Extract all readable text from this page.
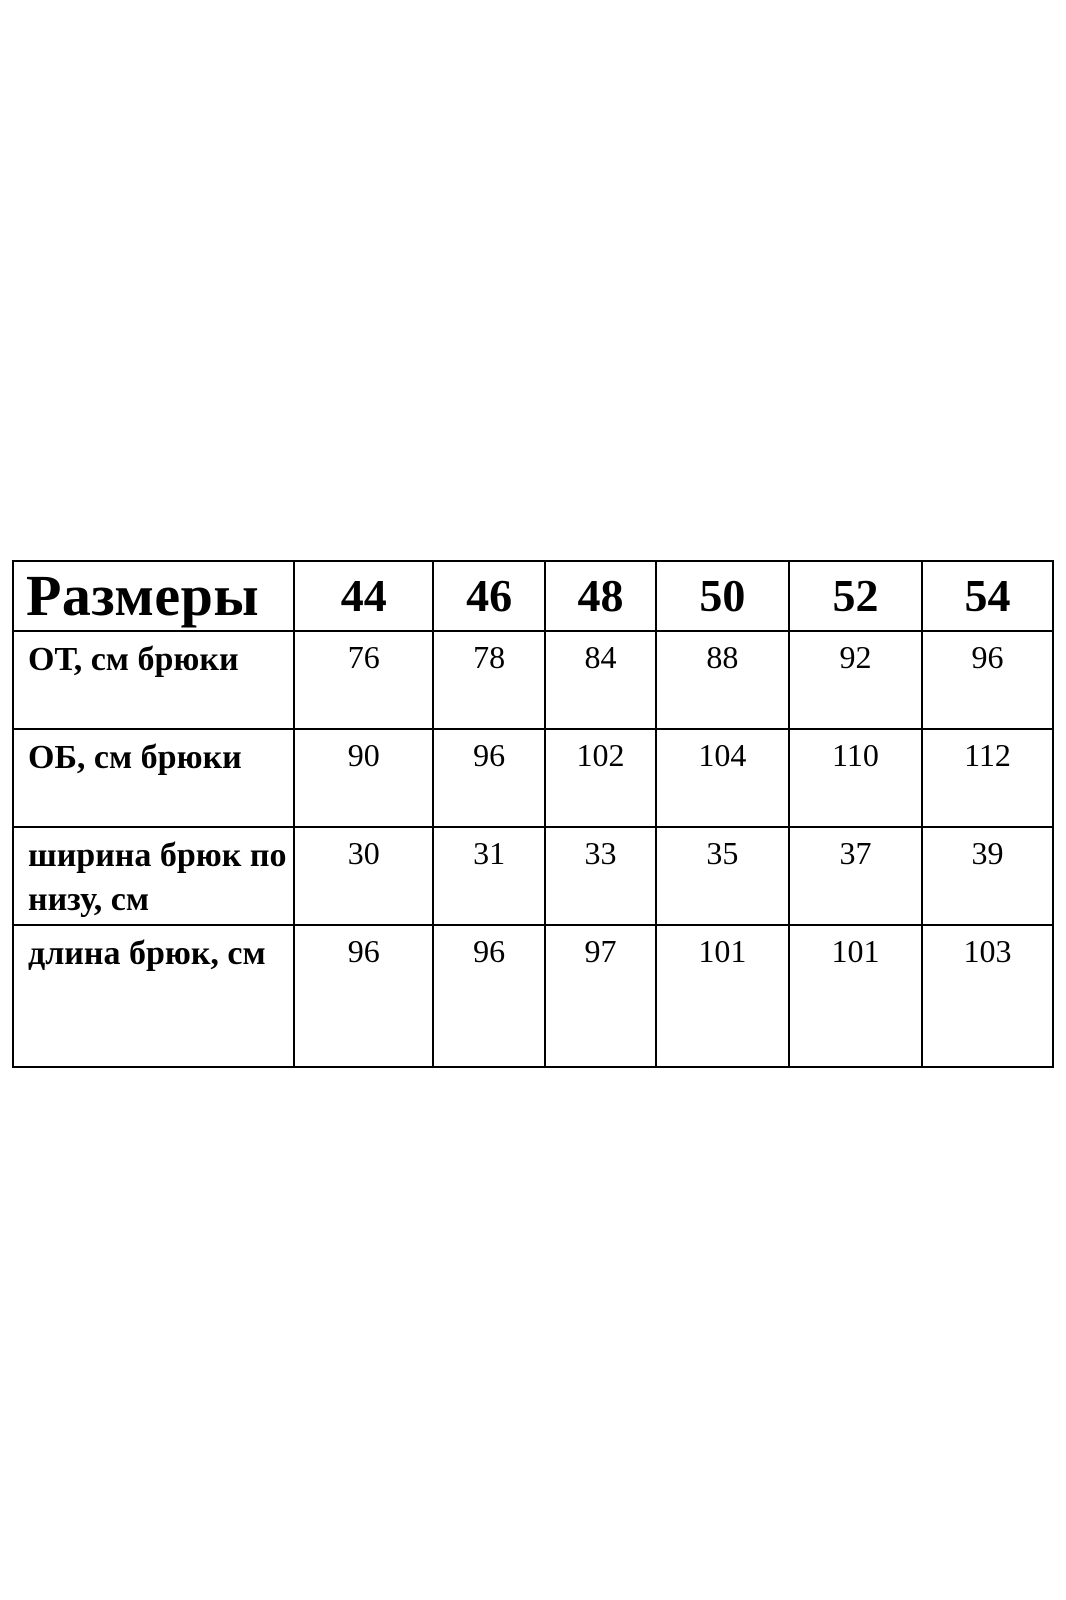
Размеры	44	46	48	50	52	54
ОТ, см брюки	76	78	84	88	92	96
ОБ, см брюки	90	96	102	104	110	112
ширина брюк по низу, см	30	31	33	35	37	39
длина брюк, см	96	96	97	101	101	103
